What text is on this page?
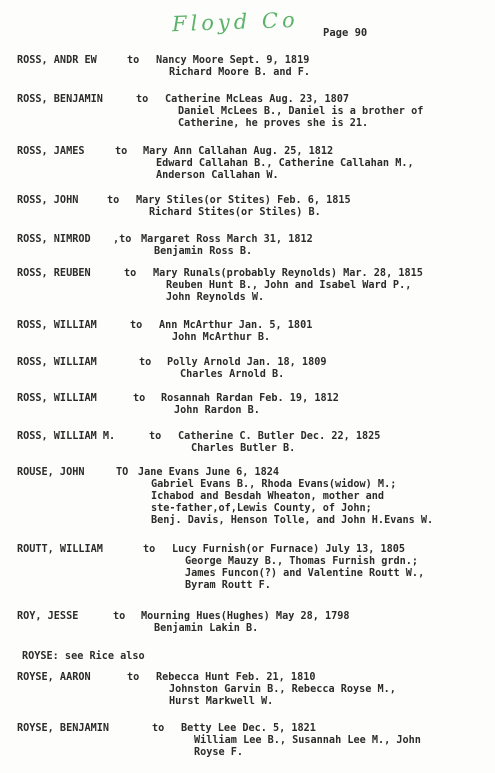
Floyd Co Page 90
ROSS, ANDR EW	to Nancy Moore Sept. 9, 1819
Richard Moore B. and F.
ROSS, BENJAMIN	to Catherine McLeas Aug. 23, 1807
Daniel McLees B., Daniel is a brother of
Catherine, he proves she is 21.
ROSS, JAMES	to Mary Ann Callahan Aug. 25, 1812
Edward Callahan B., Catherine Callahan M.,
Anderson Callahan W.
ROSS, JOHN	to Mary Stiles(or Stites) Feb. 6, 1815
Richard Stites(or Stiles) B.
ROSS, NIMROD ,to Margaret Ross March 31, 1812
Benjamin Ross B.
ROSS, REUBEN	to Mary Runals(probably Reynolds) Mar. 28, 1815
Reuben Hunt B., John and Isabel Ward P.,
John Reynolds W.
ROSS, WILLIAM	to Ann McArthur Jan. 5, 1801
John McArthur B.
ROSS, WILLIAM	to Polly Arnold Jan. 18, 1809
Charles Arnold B.
ROSS, WILLIAM	to Rosannah Rardan Feb. 19, 1812
John Rardon B.
ROSS, WILLIAM M.	to Catherine C. Butler Dec. 22, 1825
Charles Butler B.
ROUSE, JOHN	TO Jane Evans June 6, 1824
Gabriel Evans B., Rhoda Evans(widow) M.;
Ichabod and Besdah Wheaton, mother and
ste-father,of,Lewis County, of John;
Benj. Davis, Henson Tolle, and John H.Evans W.
ROUTT, WILLIAM	to Lucy Furnish(or Furnace) July 13, 1805
George Mauzy B., Thomas Furnish grdn.;
James Funcon(?) and Valentine Routt W.,
Byram Routt F.
ROY, JESSE	to Mourning Hues(Hughes) May 28, 1798
Benjamin Lakin B.
ROYSE, AARON	to Rebecca Hunt Feb. 21, 1810
Johnston Garvin B., Rebecca Royse M.,
Hurst Markwell W.
ROYSE, BENJAMIN	to Betty Lee Dec. 5, 1821
William Lee B., Susannah Lee M., John
Royse F.
ROYSE: see Rice also
